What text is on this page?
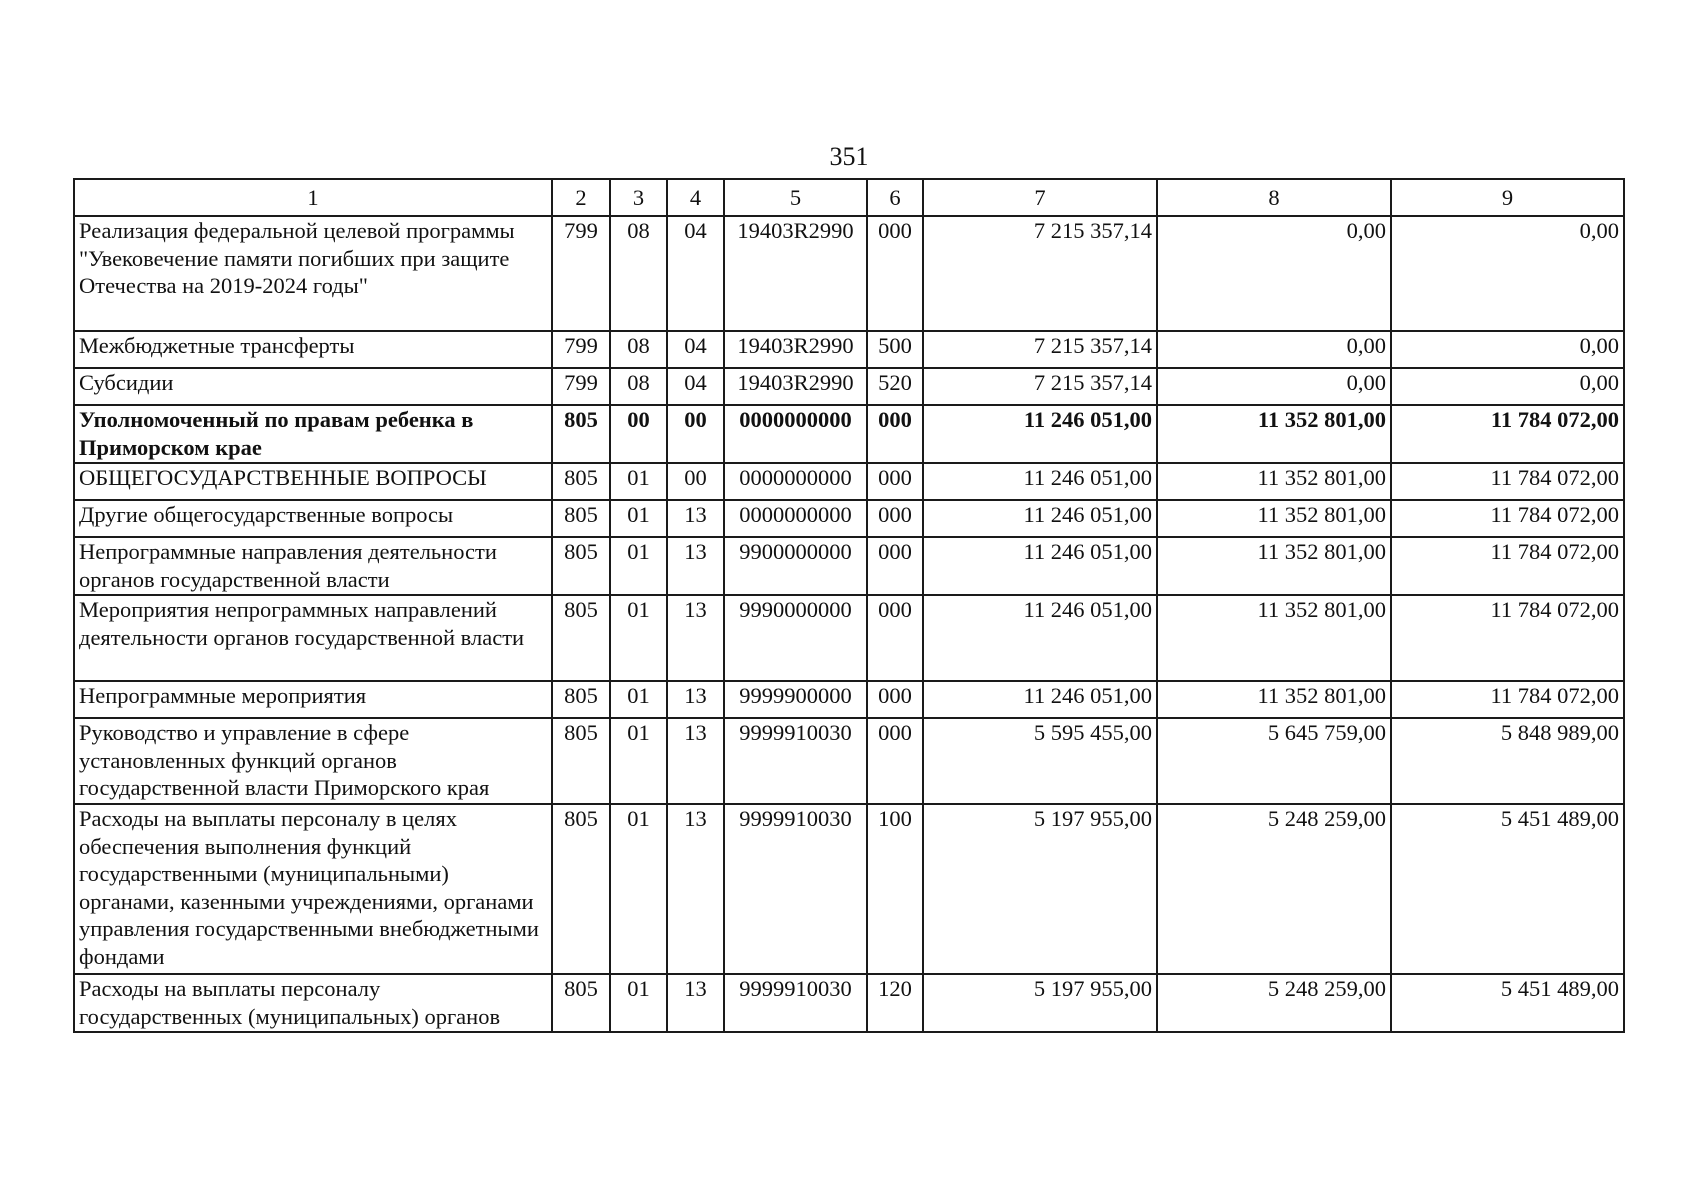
351
1	2	3	4	5	6	7	8	9
Реализация федеральной целевой программы "Увековечение памяти погибших при защите Отечества на 2019-2024 годы"	799	08	04	19403R2990	000	7 215 357,14	0,00	0,00
Межбюджетные трансферты	799	08	04	19403R2990	500	7 215 357,14	0,00	0,00
Субсидии	799	08	04	19403R2990	520	7 215 357,14	0,00	0,00
Уполномоченный по правам ребенка в Приморском крае	805	00	00	0000000000	000	11 246 051,00	11 352 801,00	11 784 072,00
ОБЩЕГОСУДАРСТВЕННЫЕ ВОПРОСЫ	805	01	00	0000000000	000	11 246 051,00	11 352 801,00	11 784 072,00
Другие общегосударственные вопросы	805	01	13	0000000000	000	11 246 051,00	11 352 801,00	11 784 072,00
Непрограммные направления деятельности органов государственной власти	805	01	13	9900000000	000	11 246 051,00	11 352 801,00	11 784 072,00
Мероприятия непрограммных направлений деятельности органов государственной власти	805	01	13	9990000000	000	11 246 051,00	11 352 801,00	11 784 072,00
Непрограммные мероприятия	805	01	13	9999900000	000	11 246 051,00	11 352 801,00	11 784 072,00
Руководство и управление в сфере установленных функций органов государственной власти Приморского края	805	01	13	9999910030	000	5 595 455,00	5 645 759,00	5 848 989,00
Расходы на выплаты персоналу в целях обеспечения выполнения функций государственными (муниципальными) органами, казенными учреждениями, органами управления государственными внебюджетными фондами	805	01	13	9999910030	100	5 197 955,00	5 248 259,00	5 451 489,00
Расходы на выплаты персоналу государственных (муниципальных) органов	805	01	13	9999910030	120	5 197 955,00	5 248 259,00	5 451 489,00
